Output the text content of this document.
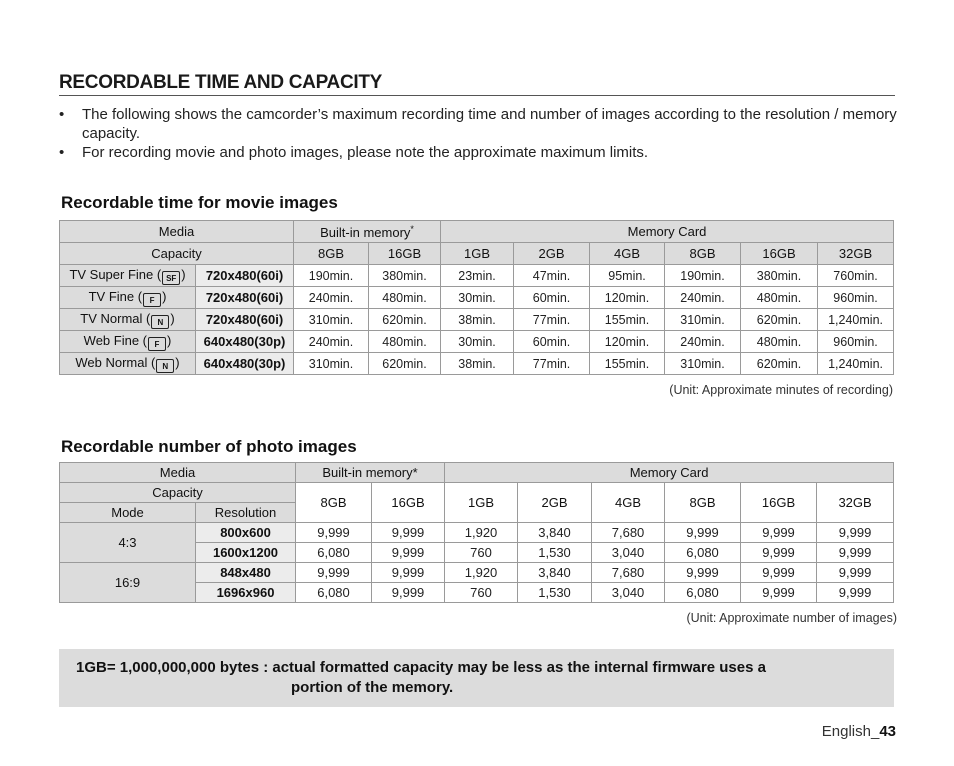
RECORDABLE TIME AND CAPACITY

• The following shows the camcorder’s maximum recording time and number of images according to the resolution / memory capacity.

• For recording movie and photo images, please note the approximate maximum limits.

Recordable time for movie images
Media		Built-in memory*		Memory Card					
Capacity		8GB	16GB	1GB	2GB	4GB	8GB	16GB	32GB
TV Super Fine ( SF )	720x480(60i)	190min.	380min.	23min.	47min.	95min.	190min.	380min.	760min.
TV Fine ( F )	720x480(60i)	240min.	480min.	30min.	60min.	120min.	240min.	480min.	960min.
TV Normal ( N )	720x480(60i)	310min.	620min.	38min.	77min.	155min.	310min.	620min.	1,240min.
Web Fine ( F )	640x480(30p)	240min.	480min.	30min.	60min.	120min.	240min.	480min.	960min.
Web Normal ( N )	640x480(30p)	310min.	620min.	38min.	77min.	155min.	310min.	620min.	1,240min.
(Unit: Approximate minutes of recording)
Recordable number of photo images
Media		Built-in memory*		Memory Card					
Capacity		8GB	16GB	1GB	2GB	4GB	8GB	16GB	32GB
Mode	Resolution								
4:3	800x600	9,999	9,999	1,920	3,840	7,680	9,999	9,999	9,999
	1600x1200	6,080	9,999	760	1,530	3,040	6,080	9,999	9,999
16:9	848x480	9,999	9,999	1,920	3,840	7,680	9,999	9,999	9,999
	1696x960	6,080	9,999	760	1,530	3,040	6,080	9,999	9,999
(Unit: Approximate number of images)
1GB= 1,000,000,000 bytes : actual formatted capacity may be less as the internal firmware uses a
portion of the memory.
English_43
